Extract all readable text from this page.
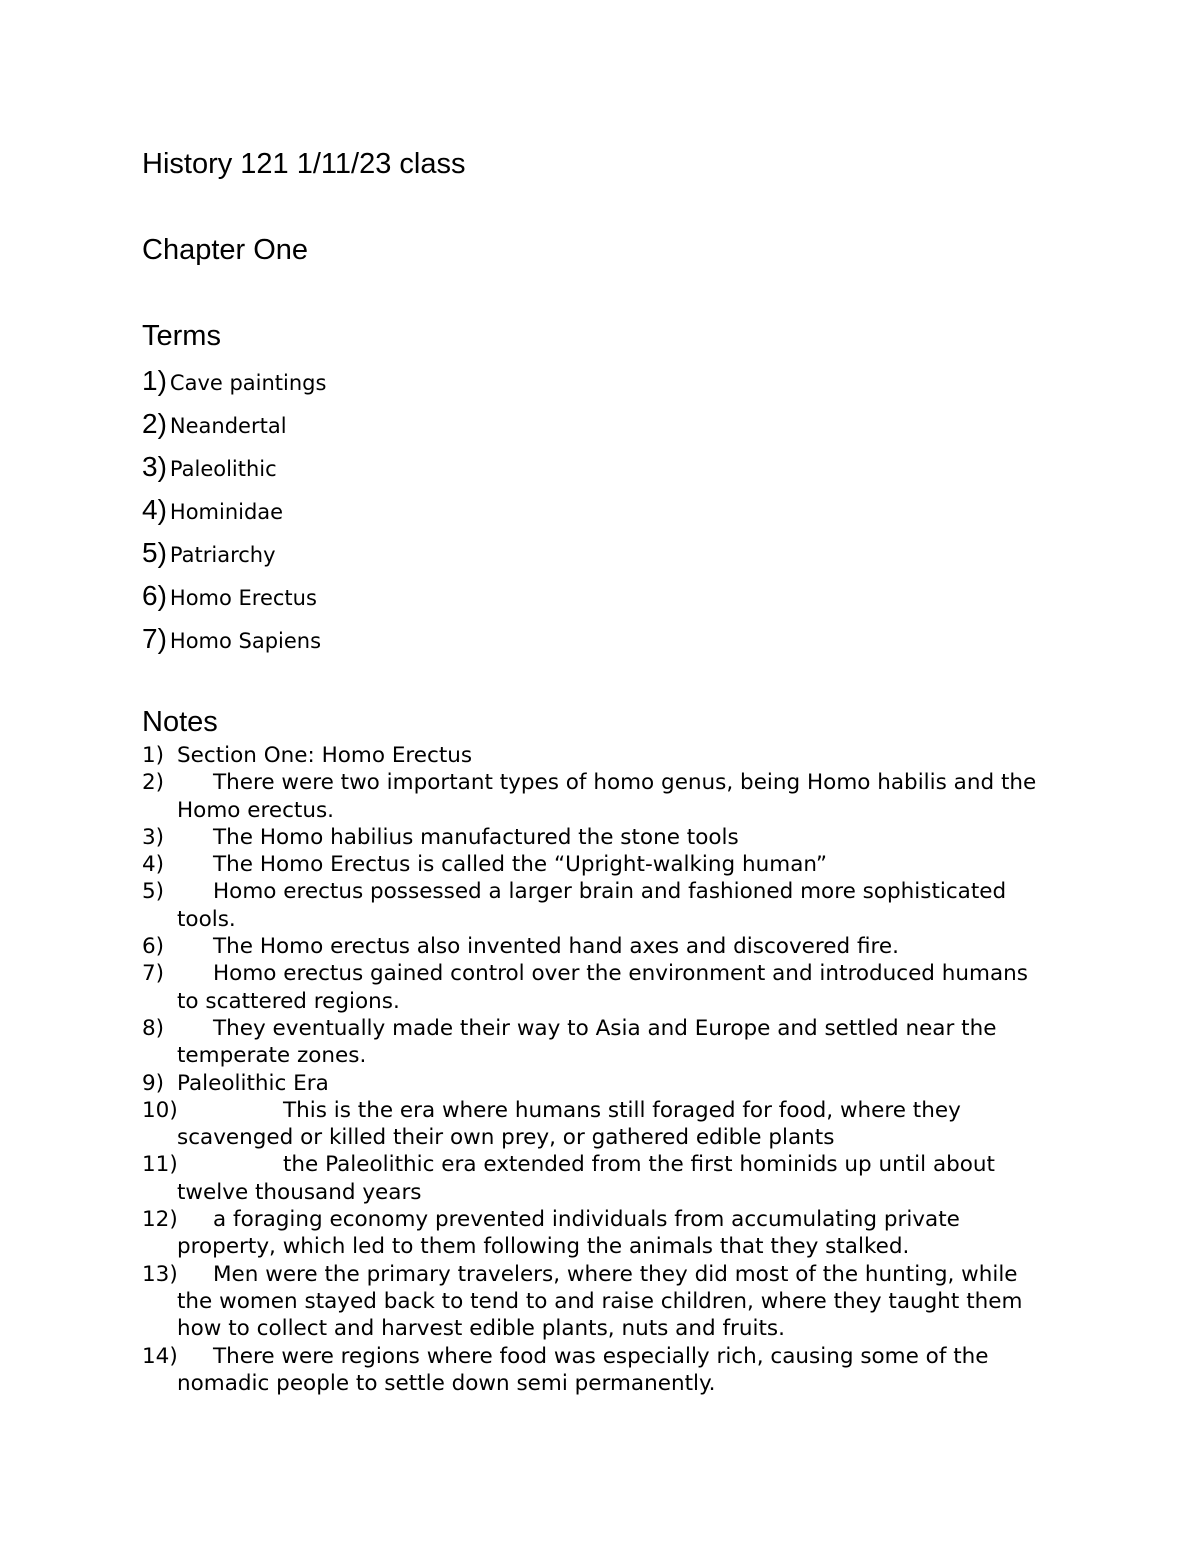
History 121 1/11/23 class
Chapter One
Terms
1) Cave paintings
2) Neandertal
3) Paleolithic
4) Hominidae
5) Patriarchy
6) Homo Erectus
7) Homo Sapiens
Notes
1) Section One: Homo Erectus
2)	There were two important types of homo genus, being Homo habilis and the Homo erectus.
3)	The Homo habilius manufactured the stone tools
4)	The Homo Erectus is called the “Upright-walking human”
5)	Homo erectus possessed a larger brain and fashioned more sophisticated tools.
6)	The Homo erectus also invented hand axes and discovered fire.
7)	Homo erectus gained control over the environment and introduced humans to scattered regions.
8)	They eventually made their way to Asia and Europe and settled near the temperate zones.
9) Paleolithic Era
10)	This is the era where humans still foraged for food, where they scavenged or killed their own prey, or gathered edible plants
11)	the Paleolithic era extended from the first hominids up until about twelve thousand years
12)	a foraging economy prevented individuals from accumulating private property, which led to them following the animals that they stalked.
13)	Men were the primary travelers, where they did most of the hunting, while the women stayed back to tend to and raise children, where they taught them how to collect and harvest edible plants, nuts and fruits.
14)	There were regions where food was especially rich, causing some of the nomadic people to settle down semi permanently.
